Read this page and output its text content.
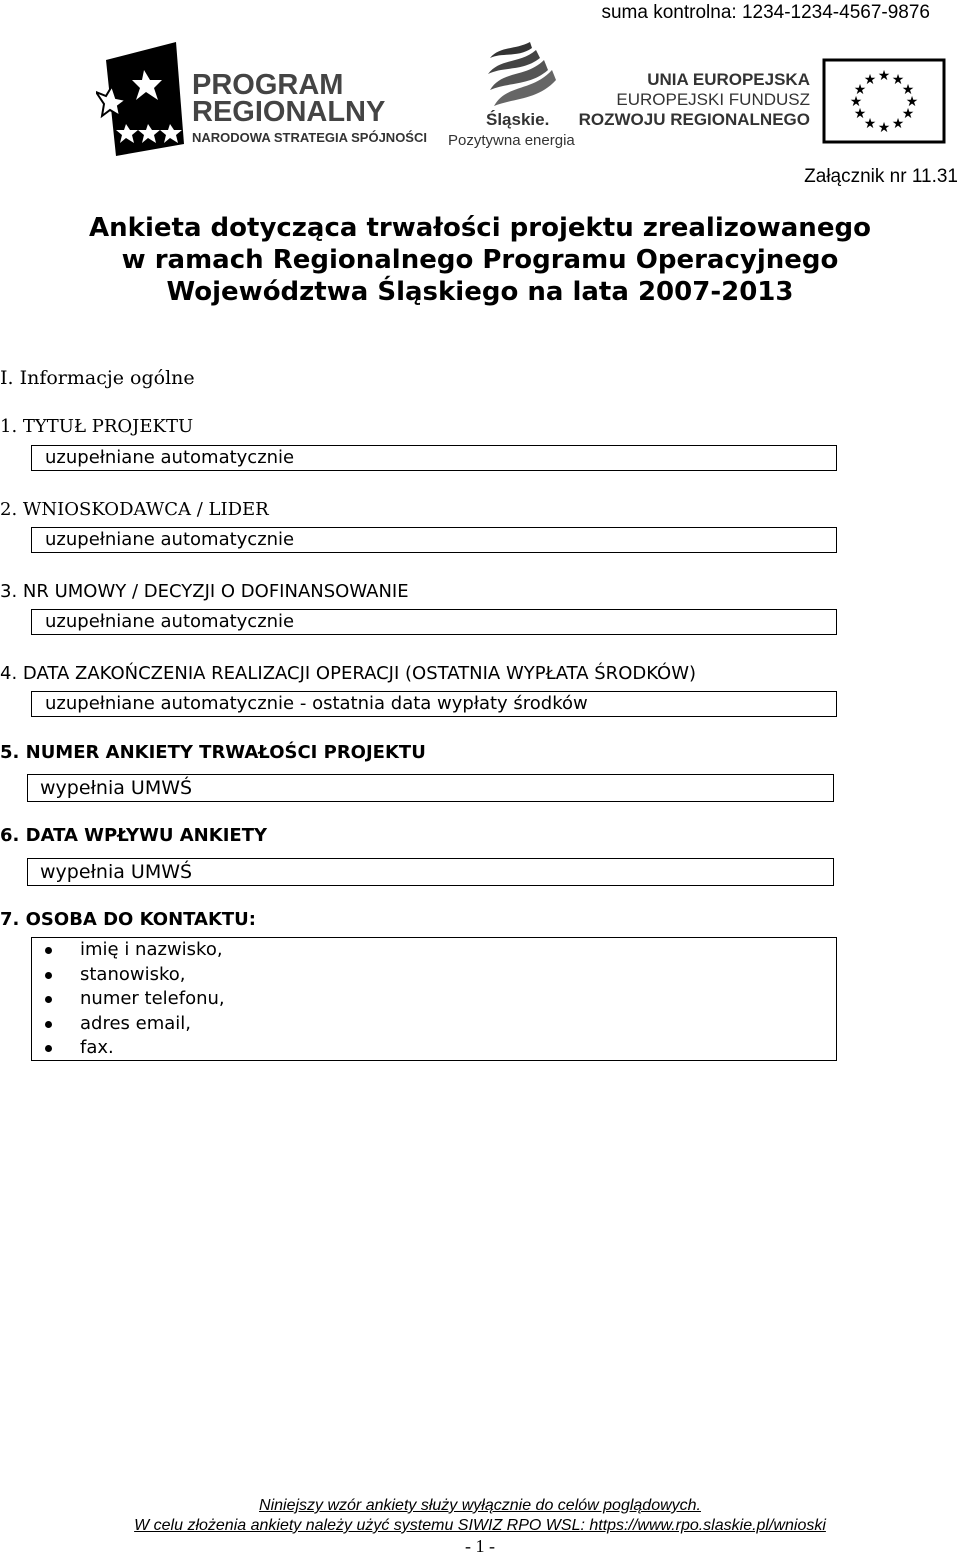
suma kontrolna: 1234-1234-4567-9876
PROGRAM
REGIONALNY
NARODOWA STRATEGIA SPÓJNOŚCI
Śląskie.
Pozytywna energia
UNIA EUROPEJSKA
EUROPEJSKI FUNDUSZ
ROZWOJU REGIONALNEGO
★ ★
★
★
★
★
★
★
★
★
★
★
Załącznik nr 11.31
Ankieta dotycząca trwałości projektu zrealizowanego
w ramach Regionalnego Programu Operacyjnego
Województwa Śląskiego na lata 2007-2013
I. Informacje ogólne
1. TYTUŁ PROJEKTU
uzupełniane automatycznie
2. WNIOSKODAWCA / LIDER
uzupełniane automatycznie
3. NR UMOWY / DECYZJI O DOFINANSOWANIE
uzupełniane automatycznie
4. DATA ZAKOŃCZENIA REALIZACJI OPERACJI (OSTATNIA WYPŁATA ŚRODKÓW)
uzupełniane automatycznie - ostatnia data wypłaty środków
5. NUMER ANKIETY TRWAŁOŚCI PROJEKTU
wypełnia UMWŚ
6. DATA WPŁYWU ANKIETY
wypełnia UMWŚ
7. OSOBA DO KONTAKTU:
imię i nazwisko,
stanowisko,
numer telefonu,
adres email,
fax.
Niniejszy wzór ankiety służy wyłącznie do celów poglądowych.
W celu złożenia ankiety należy użyć systemu SIWIZ RPO WSL: https://www.rpo.slaskie.pl/wnioski
- 1 -
